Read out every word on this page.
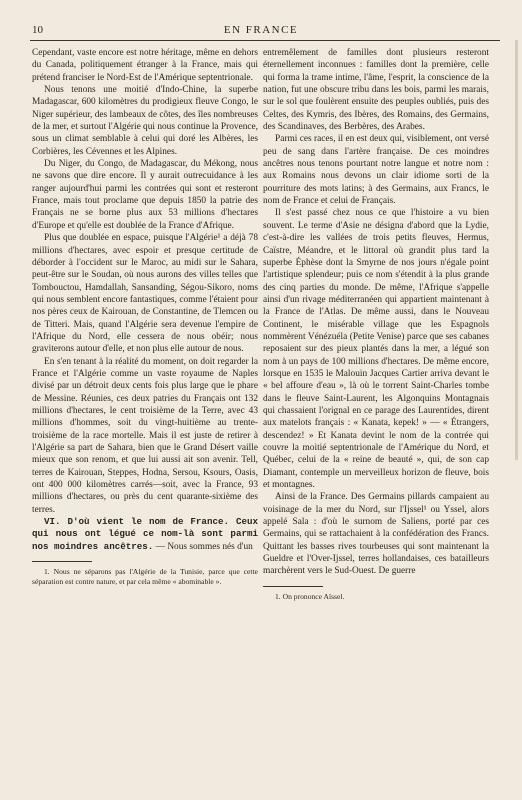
10	EN FRANCE

Cependant, vaste encore est notre héritage, même en dehors du Canada, politiquement étranger à la France, mais qui prétend franciser le Nord-Est de l'Amérique septentrionale.

Nous tenons une moitié d'Indo-Chine, la superbe Madagascar, 600 kilomètres du prodigieux fleuve Congo, le Niger supérieur, des lambeaux de côtes, des îles nombreuses de la mer, et surtout l'Algérie qui nous continue la Provence, sous un climat semblable à celui qui doré les Albères, les Corbières, les Cévennes et les Alpines.

Du Niger, du Congo, de Madagascar, du Mékong, nous ne savons que dire encore. Il y aurait outrecuidance à les ranger aujourd'hui parmi les contrées qui sont et resteront France, mais tout proclame que depuis 1850 la patrie des Français ne se borne plus aux 53 millions d'hectares d'Europe et qu'elle est doublée de la France d'Afrique.

Plus que doublée en espace, puisque l'Algérie¹ a déjà 78 millions d'hectares, avec espoir et presque certitude de déborder à l'occident sur le Maroc, au midi sur le Sahara, peut-être sur le Soudan, où nous aurons des villes telles que Tombouctou, Hamdallah, Sansanding, Ségou-Sikoro, noms qui nous semblent encore fantastiques, comme l'étaient pour nos pères ceux de Kairouan, de Constantine, de Tlemcen ou de Titteri. Mais, quand l'Algérie sera devenue l'empire de l'Afrique du Nord, elle cessera de nous obéir; nous graviterons autour d'elle, et non plus elle autour de nous.

En s'en tenant à la réalité du moment, on doit regarder la France et l'Algérie comme un vaste royaume de Naples divisé par un détroit deux cents fois plus large que le phare de Messine. Réunies, ces deux patries du Français ont 132 millions d'hectares, le cent troisième de la Terre, avec 43 millions d'hommes, soit du vingt-huitième au trente-troisième de la race mortelle. Mais il est juste de retirer à l'Algérie sa part de Sahara, bien que le Grand Désert vaille mieux que son renom, et que lui aussi ait son avenir. Tell, terres de Kairouan, Steppes, Hodna, Sersou, Ksours, Oasis, ont 400 000 kilomètres carrés—soit, avec la France, 93 millions d'hectares, ou près du cent quarante-sixième des terres.

VI. D'où vient le nom de France. Ceux qui nous ont légué ce nom-là sont parmi nos moindres ancêtres. — Nous sommes nés d'un

1. Nous ne séparons pas l'Algérie de la Tunisie, parce que cette séparation est contre nature, et par cela même « abominable ».

entremêlement de familles dont plusieurs resteront éternellement inconnues : familles dont la première, celle qui forma la trame intime, l'âme, l'esprit, la conscience de la nation, fut une obscure tribu dans les bois, parmi les marais, sur le sol que foulèrent ensuite des peuples oubliés, puis des Celtes, des Kymris, des Ibères, des Romains, des Germains, des Scandinaves, des Berbères, des Arabes.

Parmi ces races, il en est deux qui, visiblement, ont versé peu de sang dans l'artère française. De ces moindres ancêtres nous tenons pourtant notre langue et notre nom : aux Romains nous devons un clair idiome sorti de la pourriture des mots latins; à des Germains, aux Francs, le nom de France et celui de Français.

Il s'est passé chez nous ce que l'histoire a vu bien souvent. Le terme d'Asie ne désigna d'abord que la Lydie, c'est-à-dire les vallées de trois petits fleuves, Hermus, Caïstre, Méandre, et le littoral où grandit plus tard la superbe Éphèse dont la Smyrne de nos jours n'égale point l'artistique splendeur; puis ce nom s'étendit à la plus grande des cinq parties du monde. De même, l'Afrique s'appelle ainsi d'un rivage méditerranéen qui appartient maintenant à la France de l'Atlas. De même aussi, dans le Nouveau Continent, le misérable village que les Espagnols nommèrent Vénézuéla (Petite Venise) parce que ses cabanes reposaient sur des pieux plantés dans la mer, a légué son nom à un pays de 100 millions d'hectares. De même encore, lorsque en 1535 le Malouin Jacques Cartier arriva devant le « bel affoure d'eau », là où le torrent Saint-Charles tombe dans le fleuve Saint-Laurent, les Algonquins Montagnais qui chassaient l'orignal en ce parage des Laurentides, dirent aux matelots français : « Kanata, kepek! » — « Étrangers, descendez! » Et Kanata devint le nom de la contrée qui couvre la moitié septentrionale de l'Amérique du Nord, et Québec, celui de la « reine de beauté », qui, de son cap Diamant, contemple un merveilleux horizon de fleuve, bois et montagnes.

Ainsi de la France. Des Germains pillards campaient au voisinage de la mer du Nord, sur l'Ijssel¹ ou Yssel, alors appelé Sala : d'où le surnom de Saliens, porté par ces Germains, qui se rattachaient à la confédération des Francs. Quittant les basses rives tourbeuses qui sont maintenant la Gueldre et l'Over-Ijssel, terres hollandaises, ces batailleurs marchèrent vers le Sud-Ouest. De guerre

1. On prononce Aïssel.
